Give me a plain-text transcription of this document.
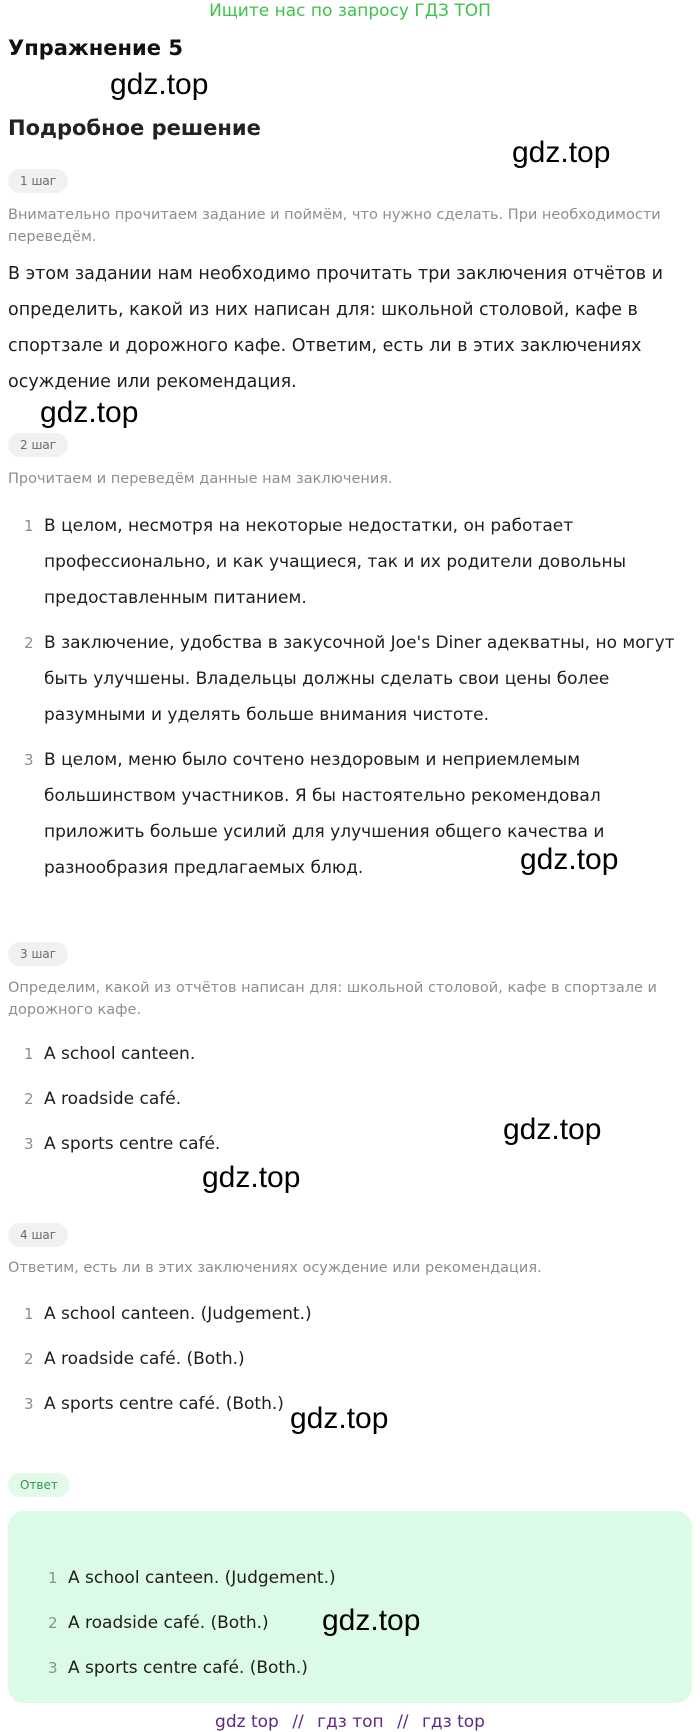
Ищите нас по запросу ГДЗ ТОП
Упражнение 5
gdz.top
Подробное решение
gdz.top
1 шаг
Внимательно прочитаем задание и поймём, что нужно сделать. При необходимости переведём.
В этом задании нам необходимо прочитать три заключения отчётов и определить, какой из них написан для: школьной столовой, кафе в спортзале и дорожного кафе. Ответим, есть ли в этих заключениях осуждение или рекомендация.
gdz.top
2 шаг
Прочитаем и переведём данные нам заключения.
1 В целом, несмотря на некоторые недостатки, он работает профессионально, и как учащиеся, так и их родители довольны предоставленным питанием.
2 В заключение, удобства в закусочной Joe's Diner адекватны, но могут быть улучшены. Владельцы должны сделать свои цены более разумными и уделять больше внимания чистоте.
3 В целом, меню было сочтено нездоровым и неприемлемым большинством участников. Я бы настоятельно рекомендовал приложить больше усилий для улучшения общего качества и разнообразия предлагаемых блюд.	gdz.top
3 шаг
Определим, какой из отчётов написан для: школьной столовой, кафе в спортзале и дорожного кафе.
1 A school canteen.
2 A roadside café.
3 A sports centre café.	gdz.top
gdz.top
4 шаг
Ответим, есть ли в этих заключениях осуждение или рекомендация.
1 A school canteen. (Judgement.)
2 A roadside café. (Both.)
3 A sports centre café. (Both.) gdz.top
Ответ
1 A school canteen. (Judgement.)
2 A roadside café. (Both.)
3 A sports centre café. (Both.)
gdz.top
gdz top // гдз топ // гдз top
